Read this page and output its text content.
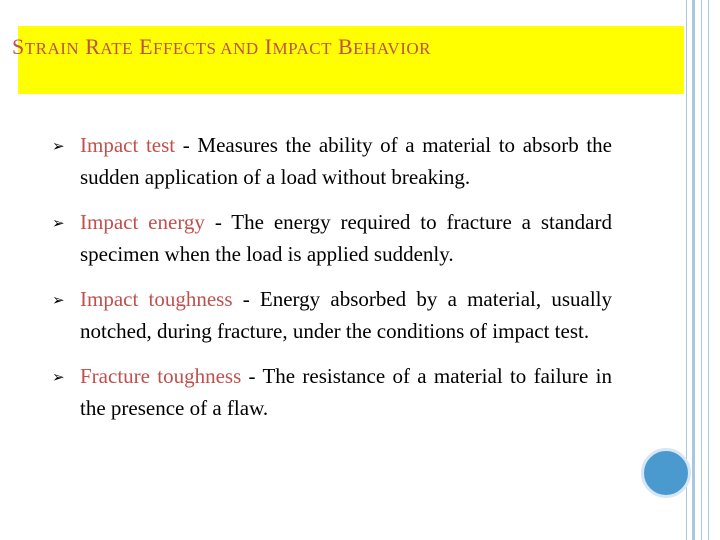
STRAIN RATE EFFECTS AND IMPACT BEHAVIOR
➢ Impact test - Measures the ability of a material to absorb the sudden application of a load without breaking.
➢ Impact energy - The energy required to fracture a standard specimen when the load is applied suddenly.
➢ Impact toughness - Energy absorbed by a material, usually notched, during fracture, under the conditions of impact test.
➢ Fracture toughness - The resistance of a material to failure in the presence of a flaw.
